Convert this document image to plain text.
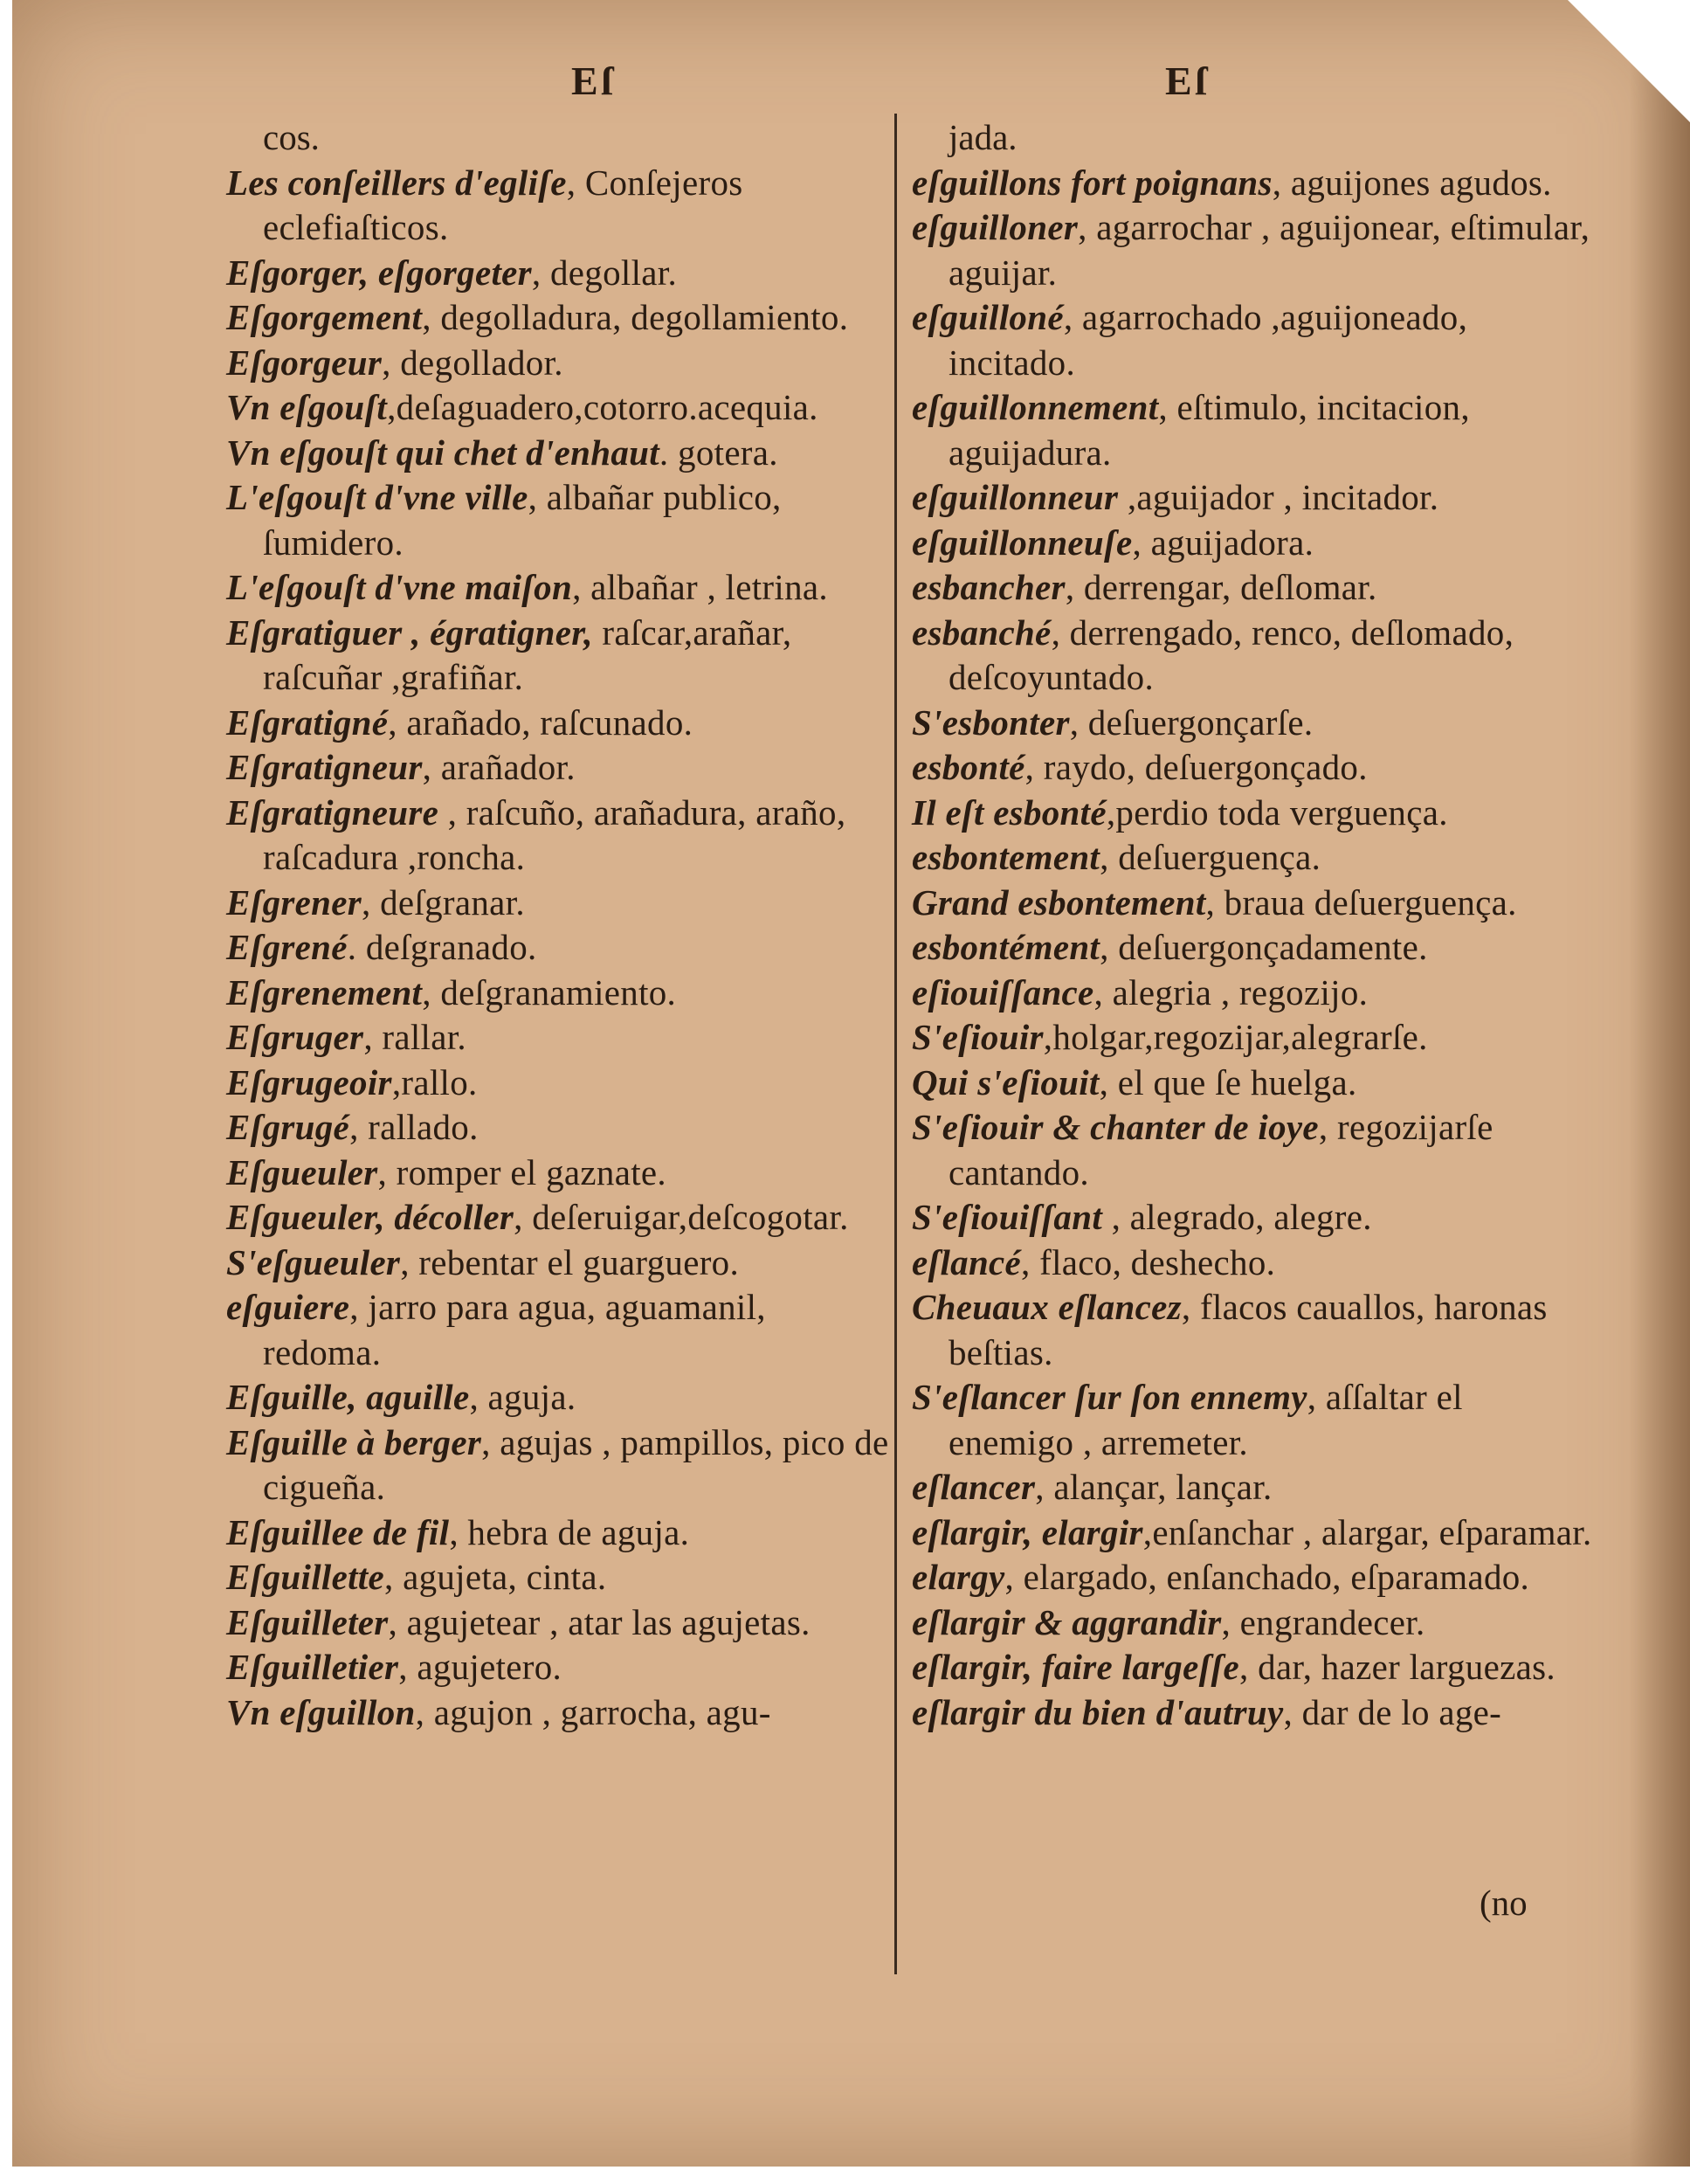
Eſ	Eſ

cos.

Les conſeillers d'egliſe, Conſejeros eclefiaſticos.

Eſgorger, eſgorgeter, degollar.

Eſgorgement, degolladura, degollamiento.

Eſgorgeur, degollador.

Vn eſgouſt,deſaguadero,cotorro.acequia.

Vn eſgouſt qui chet d'enhaut. gotera.

L'eſgouſt d'vne ville, albañar publico, ſumidero.

L'eſgouſt d'vne maiſon, albañar , letrina.

Eſgratiguer , égratigner, raſcar,arañar, raſcuñar ,grafiñar.

Eſgratigné, arañado, raſcunado.

Eſgratigneur, arañador.

Eſgratigneure , raſcuño, arañadura, araño, raſcadura ,roncha.

Eſgrener, deſgranar.

Eſgrené. deſgranado.

Eſgrenement, deſgranamiento.

Eſgruger, rallar.

Eſgrugeoir,rallo.

Eſgrugé, rallado.

Eſgueuler, romper el gaznate.

Eſgueuler, décoller, deſeruigar,deſcogotar.

S'eſgueuler, rebentar el guarguero.

eſguiere, jarro para agua, aguamanil, redoma.

Eſguille, aguille, aguja.

Eſguille à berger, agujas , pampillos, pico de cigueña.

Eſguillee de fil, hebra de aguja.

Eſguillette, agujeta, cinta.

Eſguilleter, agujetear , atar las agujetas.

Eſguilletier, agujetero.

Vn eſguillon, agujon , garrocha, agu-

jada.

eſguillons fort poignans, aguijones agudos.

eſguilloner, agarrochar , aguijonear, eſtimular, aguijar.

eſguilloné, agarrochado ,aguijoneado, incitado.

eſguillonnement, eſtimulo, incitacion, aguijadura.

eſguillonneur ,aguijador , incitador.

eſguillonneuſe, aguijadora.

esbancher, derrengar, deſlomar.

esbanché, derrengado, renco, deſlomado, deſcoyuntado.

S'esbonter, deſuergonçarſe.

esbonté, raydo, deſuergonçado.

Il eſt esbonté,perdio toda verguença.

esbontement, deſuerguença.

Grand esbontement, braua deſuerguença.

esbontément, deſuergonçadamente.

eſiouiſſance, alegria , regozijo.

S'eſiouir,holgar,regozijar,alegrarſe.

Qui s'eſiouit, el que ſe huelga.

S'eſiouir & chanter de ioye, regozijarſe cantando.

S'eſiouiſſant , alegrado, alegre.

eſlancé, flaco, deshecho.

Cheuaux eſlancez, flacos cauallos, haronas beſtias.

S'eſlancer ſur ſon ennemy, aſſaltar el enemigo , arremeter.

eſlancer, alançar, lançar.

eſlargir, elargir,enſanchar , alargar, eſparamar.

elargy, elargado, enſanchado, eſparamado.

eſlargir & aggrandir, engrandecer.

eſlargir, faire largeſſe, dar, hazer larguezas.

eſlargir du bien d'autruy, dar de lo age-

(no
